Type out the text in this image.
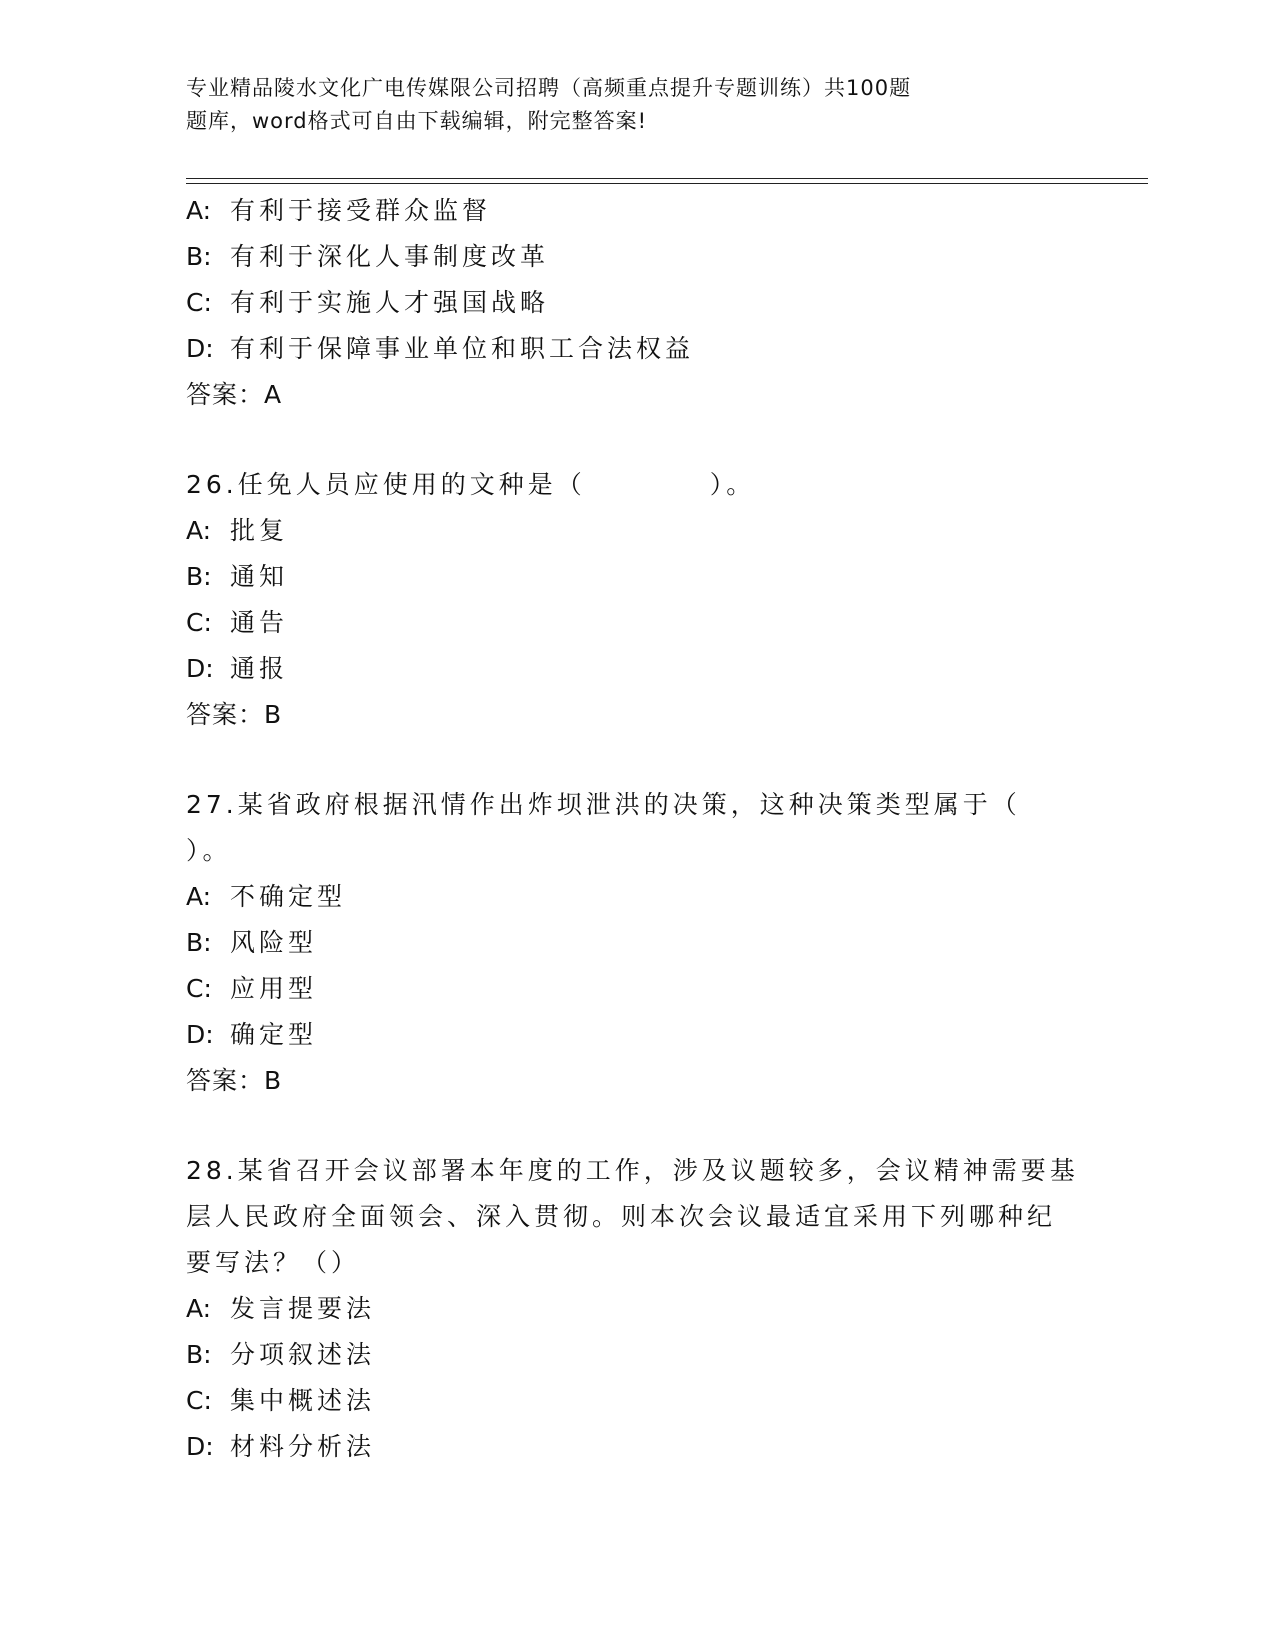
专业精品陵水文化广电传媒限公司招聘（高频重点提升专题训练）共100题
题库，word格式可自由下载编辑，附完整答案!
A: 有利于接受群众监督
B: 有利于深化人事制度改革
C: 有利于实施人才强国战略
D: 有利于保障事业单位和职工合法权益
答案：A
26.任免人员应使用的文种是（	）。
A: 批复
B: 通知
C: 通告
D: 通报
答案：B
27.某省政府根据汛情作出炸坝泄洪的决策，这种决策类型属于（
）。
A: 不确定型
B: 风险型
C: 应用型
D: 确定型
答案：B
28.某省召开会议部署本年度的工作，涉及议题较多，会议精神需要基
层人民政府全面领会、深入贯彻。则本次会议最适宜采用下列哪种纪
要写法？（）
A: 发言提要法
B: 分项叙述法
C: 集中概述法
D: 材料分析法
